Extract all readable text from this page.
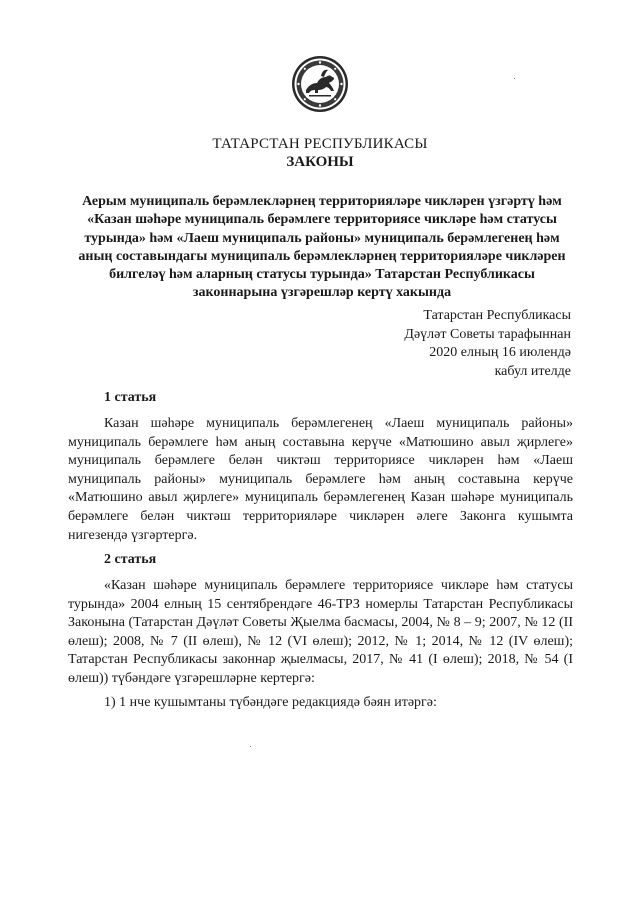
ТАТАРСТАН РЕСПУБЛИКАСЫ
ЗАКОНЫ
Аерым муниципаль берәмлекләрнең территорияләре чикләрен үзгәртү һәм «Казан шәһәре муниципаль берәмлеге территориясе чикләре һәм статусы турында» һәм «Лаеш муниципаль районы» муниципаль берәмлегенең һәм аның составындагы муниципаль берәмлекләрнең территорияләре чикләрен билгеләү һәм аларның статусы турында» Татарстан Республикасы законнарына үзгәрешләр кертү хакында
Татарстан Республикасы
Дәүләт Советы тарафыннан
2020 елның 16 июлендә
кабул ителде
1 статья
Казан шәһәре муниципаль берәмлегенең «Лаеш муниципаль районы» муниципаль берәмлеге һәм аның составына керүче «Матюшино авыл җирлеге» муниципаль берәмлеге белән чиктәш территориясе чикләрен һәм «Лаеш муниципаль районы» муниципаль берәмлеге һәм аның составына керүче «Матюшино авыл җирлеге» муниципаль берәмлегенең Казан шәһәре муниципаль берәмлеге белән чиктәш территорияләре чикләрен әлеге Законга кушымта нигезендә үзгәртергә.
2 статья
«Казан шәһәре муниципаль берәмлеге территориясе чикләре һәм статусы турында» 2004 елның 15 сентябрендәге 46-ТРЗ номерлы Татарстан Республикасы Законына (Татарстан Дәүләт Советы Җыелма басмасы, 2004, № 8 – 9; 2007, № 12 (II өлеш); 2008, № 7 (II өлеш), № 12 (VI өлеш); 2012, № 1; 2014, № 12 (IV өлеш); Татарстан Республикасы законнар җыелмасы, 2017, № 41 (I өлеш); 2018, № 54 (I өлеш)) түбәндәге үзгәрешләрне кертергә:
1) 1 нче кушымтаны түбәндәге редакциядә бәян итәргә:
